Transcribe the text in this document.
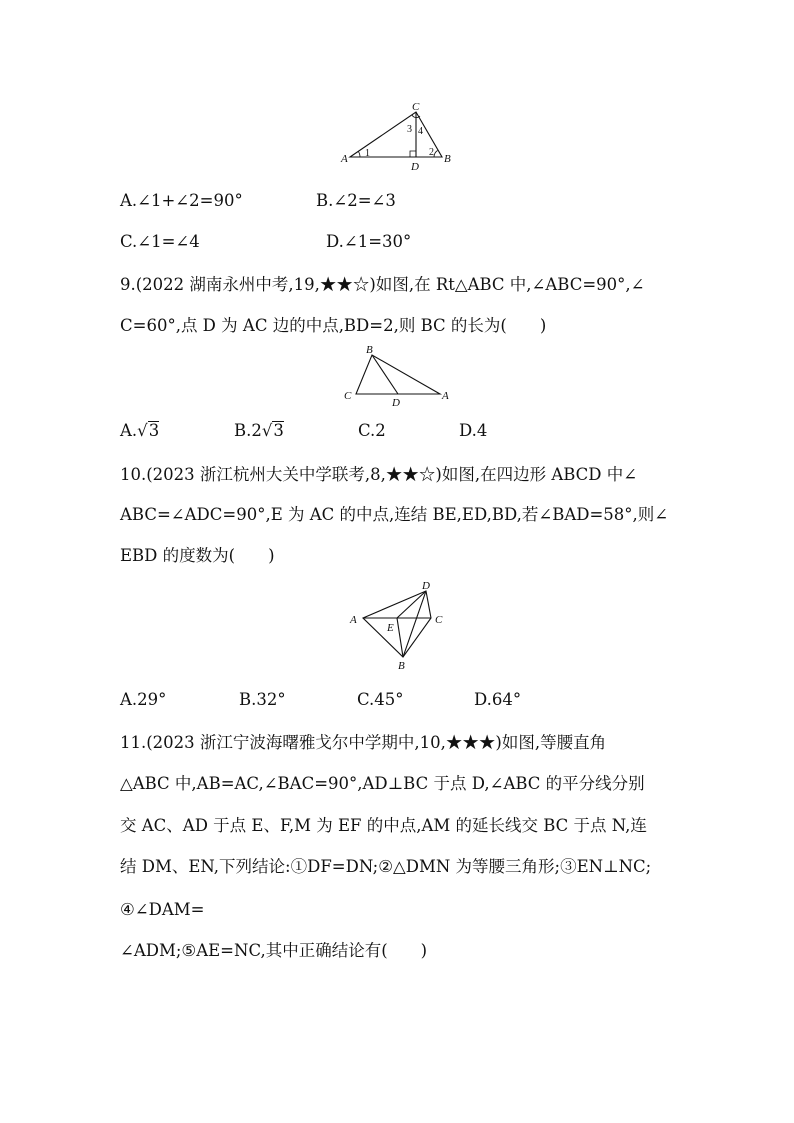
A	B
C
D
1	2
3 4
A.∠1+∠2=90°	B.∠2=∠3
C.∠1=∠4	D.∠1=30°
9.(2022 湖南永州中考,19,★★☆)如图,在 Rt△ABC 中,∠ABC=90°,∠
C=60°,点 D 为 AC 边的中点,BD=2,则 BC 的长为(　　)
B
C
D
A
A.√3	B.2√3	C.2	D.4
10.(2023 浙江杭州大关中学联考,8,★★☆)如图,在四边形 ABCD 中∠
ABC=∠ADC=90°,E 为 AC 的中点,连结 BE,ED,BD,若∠BAD=58°,则∠
EBD 的度数为(　　)
A
D
C
E
B
A.29°	B.32°	C.45°	D.64°
11.(2023 浙江宁波海曙雅戈尔中学期中,10,★★★)如图,等腰直角
△ABC 中,AB=AC,∠BAC=90°,AD⊥BC 于点 D,∠ABC 的平分线分别
交 AC、AD 于点 E、F,M 为 EF 的中点,AM 的延长线交 BC 于点 N,连
结 DM、EN,下列结论:①DF=DN;②△DMN 为等腰三角形;③EN⊥NC;
④∠DAM=
∠ADM;⑤AE=NC,其中正确结论有(　　)
